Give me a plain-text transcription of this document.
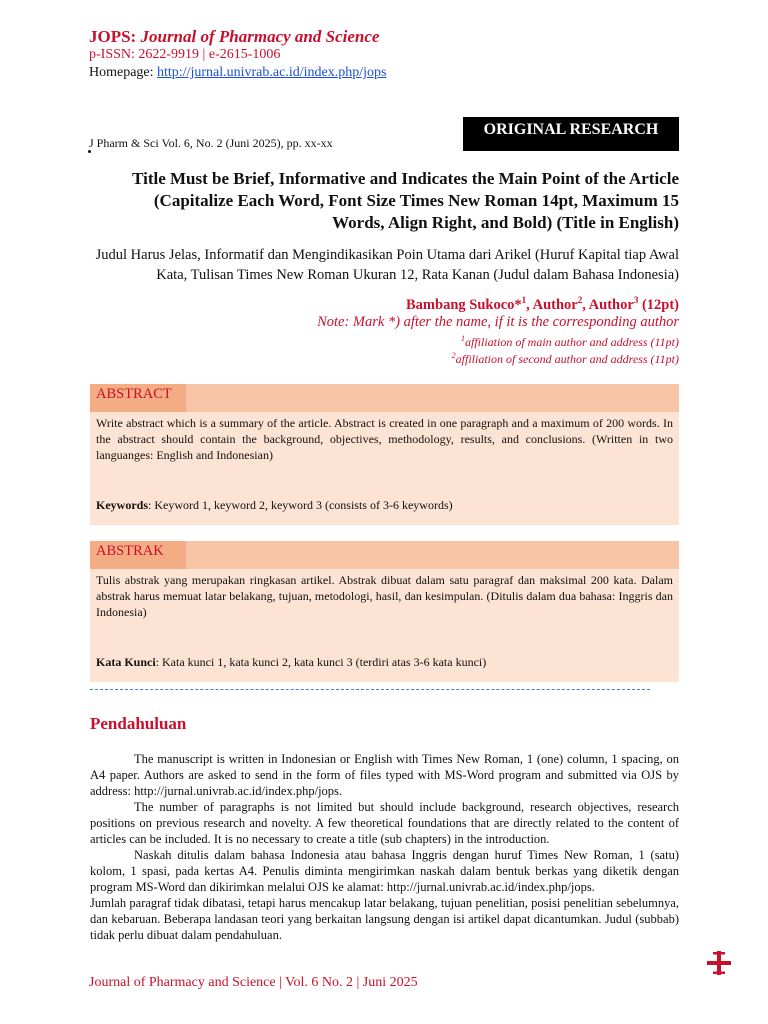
JOPS: Journal of Pharmacy and Science
p-ISSN: 2622-9919 | e-2615-1006
Homepage: http://jurnal.univrab.ac.id/index.php/jops
J Pharm & Sci Vol. 6, No. 2 (Juni 2025), pp. xx-xx
ORIGINAL RESEARCH
Title Must be Brief, Informative and Indicates the Main Point of the Article (Capitalize Each Word, Font Size Times New Roman 14pt, Maximum 15 Words, Align Right, and Bold) (Title in English)
Judul Harus Jelas, Informatif dan Mengindikasikan Poin Utama dari Arikel (Huruf Kapital tiap Awal Kata, Tulisan Times New Roman Ukuran 12, Rata Kanan (Judul dalam Bahasa Indonesia)
Bambang Sukoco*$^1$, Author$^2$, Author$^3$ (12pt)
Note: Mark *) after the name, if it is the corresponding author
$^1$affiliation of main author and address (11pt)
$^2$affiliation of second author and address (11pt)
ABSTRACT
Write abstract which is a summary of the article. Abstract is created in one paragraph and a maximum of 200 words. In the abstract should contain the background, objectives, methodology, results, and conclusions. (Written in two languanges: English and Indonesian)
Keywords: Keyword 1, keyword 2, keyword 3 (consists of 3-6 keywords)
ABSTRAK
Tulis abstrak yang merupakan ringkasan artikel. Abstrak dibuat dalam satu paragraf dan maksimal 200 kata. Dalam abstrak harus memuat latar belakang, tujuan, metodologi, hasil, dan kesimpulan. (Ditulis dalam dua bahasa: Inggris dan Indonesia)
Kata Kunci: Kata kunci 1, kata kunci 2, kata kunci 3 (terdiri atas 3-6 kata kunci)
Pendahuluan

The manuscript is written in Indonesian or English with Times New Roman, 1 (one) column, 1 spacing, on A4 paper. Authors are asked to send in the form of files typed with MS-Word program and submitted via OJS by address: http://jurnal.univrab.ac.id/index.php/jops.

The number of paragraphs is not limited but should include background, research objectives, research positions on previous research and novelty. A few theoretical foundations that are directly related to the content of articles can be included. It is no necessary to create a title (sub chapters) in the introduction.

Naskah ditulis dalam bahasa Indonesia atau bahasa Inggris dengan huruf Times New Roman, 1 (satu) kolom, 1 spasi, pada kertas A4. Penulis diminta mengirimkan naskah dalam bentuk berkas yang diketik dengan program MS-Word dan dikirimkan melalui OJS ke alamat: http://jurnal.univrab.ac.id/index.php/jops.

Jumlah paragraf tidak dibatasi, tetapi harus mencakup latar belakang, tujuan penelitian, posisi penelitian sebelumnya, dan kebaruan. Beberapa landasan teori yang berkaitan langsung dengan isi artikel dapat dicantumkan. Judul (subbab) tidak perlu dibuat dalam pendahuluan.

Journal of Pharmacy and Science | Vol. 6 No. 2 | Juni 2025
